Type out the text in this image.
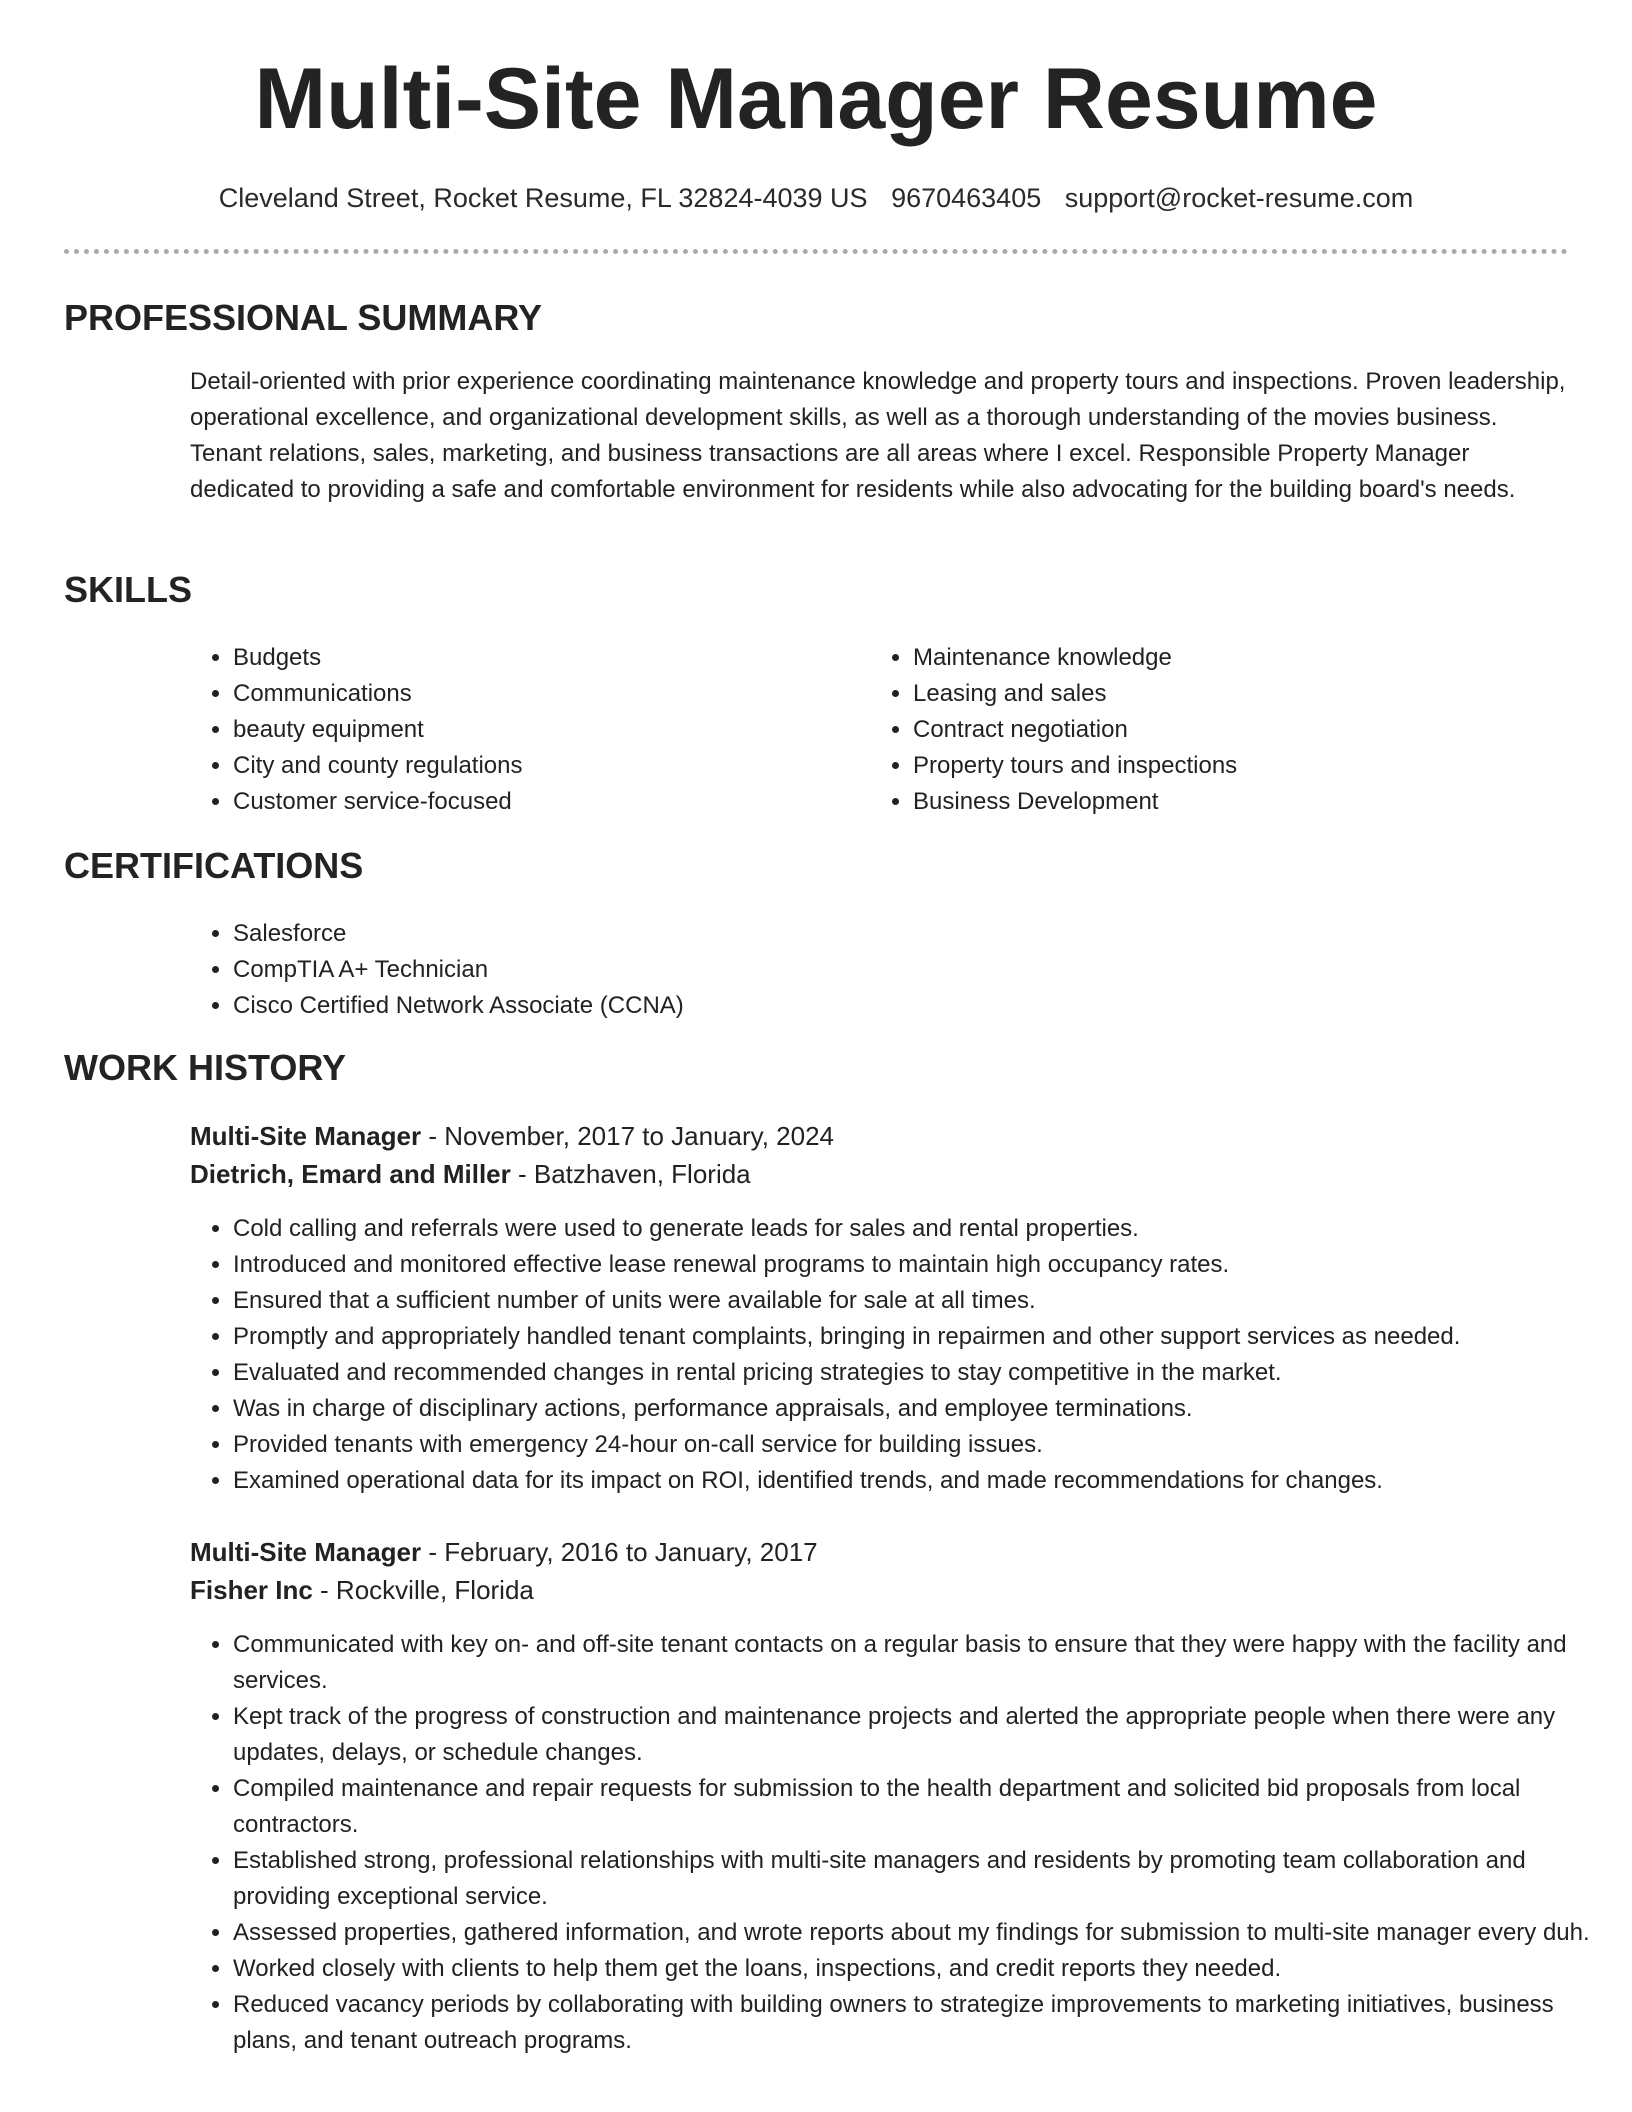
Multi-Site Manager Resume
Cleveland Street, Rocket Resume, FL 32824-4039 US 9670463405 support@rocket-resume.com
PROFESSIONAL SUMMARY

Detail-oriented with prior experience coordinating maintenance knowledge and property tours and inspections. Proven leadership, operational excellence, and organizational development skills, as well as a thorough understanding of the movies business. Tenant relations, sales, marketing, and business transactions are all areas where I excel. Responsible Property Manager dedicated to providing a safe and comfortable environment for residents while also advocating for the building board's needs.

SKILLS
• Budgets
• Communications
• beauty equipment
• City and county regulations
• Customer service-focused
• Maintenance knowledge
• Leasing and sales
• Contract negotiation
• Property tours and inspections
• Business Development
CERTIFICATIONS
• Salesforce
• CompTIA A+ Technician
• Cisco Certified Network Associate (CCNA)
WORK HISTORY
Multi-Site Manager - November, 2017 to January, 2024
Dietrich, Emard and Miller - Batzhaven, Florida
• Cold calling and referrals were used to generate leads for sales and rental properties.
• Introduced and monitored effective lease renewal programs to maintain high occupancy rates.
• Ensured that a sufficient number of units were available for sale at all times.
• Promptly and appropriately handled tenant complaints, bringing in repairmen and other support services as needed.
• Evaluated and recommended changes in rental pricing strategies to stay competitive in the market.
• Was in charge of disciplinary actions, performance appraisals, and employee terminations.
• Provided tenants with emergency 24-hour on-call service for building issues.
• Examined operational data for its impact on ROI, identified trends, and made recommendations for changes.
Multi-Site Manager - February, 2016 to January, 2017
Fisher Inc - Rockville, Florida
• Communicated with key on- and off-site tenant contacts on a regular basis to ensure that they were happy with the facility and services.
• Kept track of the progress of construction and maintenance projects and alerted the appropriate people when there were any updates, delays, or schedule changes.
• Compiled maintenance and repair requests for submission to the health department and solicited bid proposals from local contractors.
• Established strong, professional relationships with multi-site managers and residents by promoting team collaboration and providing exceptional service.
• Assessed properties, gathered information, and wrote reports about my findings for submission to multi-site manager every duh.
• Worked closely with clients to help them get the loans, inspections, and credit reports they needed.
• Reduced vacancy periods by collaborating with building owners to strategize improvements to marketing initiatives, business plans, and tenant outreach programs.
